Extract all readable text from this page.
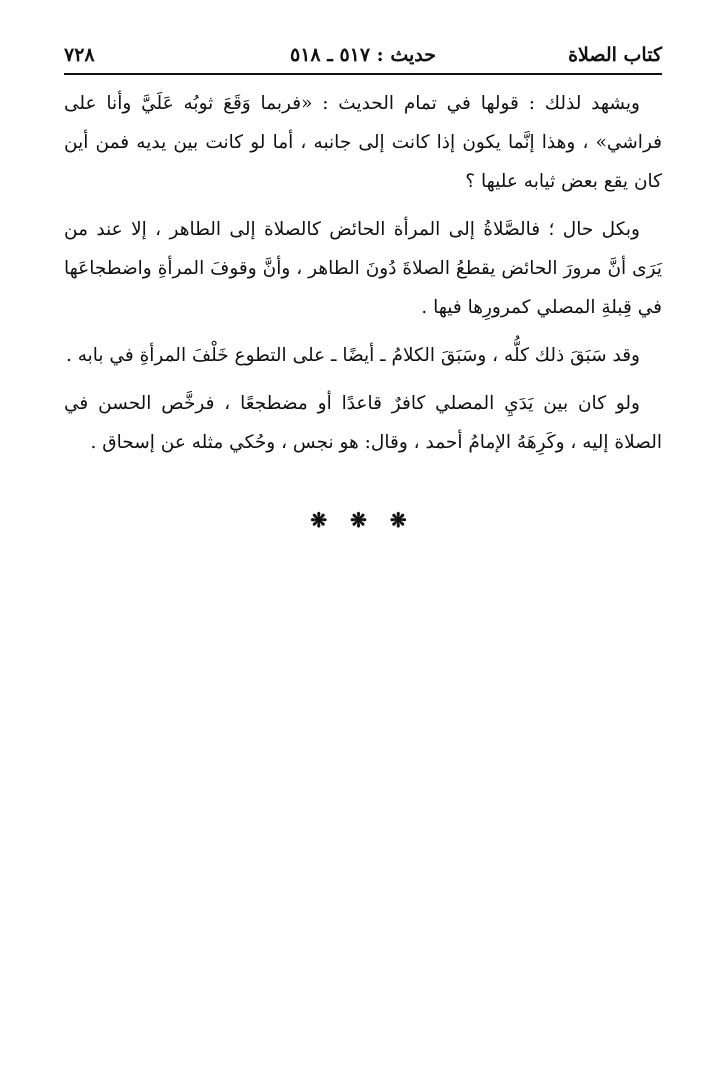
كتاب الصلاة
حديث : ٥١٧ ـ ٥١٨
٧٢٨

ويشهد لذلك : قولها في تمام الحديث : «فربما وَقَعَ ثوبُه عَلَيَّ وأنا على فراشي» ، وهذا إنَّما يكون إذا كانت إلى جانبه ، أما لو كانت بين يديه فمن أين كان يقع بعض ثيابه عليها ؟

وبكل حال ؛ فالصَّلاةُ إلى المرأة الحائض كالصلاة إلى الطاهر ، إلا عند من يَرَى أنَّ مرورَ الحائض يقطعُ الصلاةَ دُونَ الطاهر ، وأنَّ وقوفَ المرأةِ واضطجاعَها في قِبلةِ المصلي كمرورِها فيها .

وقد سَبَقَ ذلك كلُّه ، وسَبَقَ الكلامُ ـ أيضًا ـ على التطوع خَلْفَ المرأةِ في بابه .

ولو كان بين يَدَيِ المصلي كافرٌ قاعدًا أو مضطجعًا ، فرخَّص الحسن في الصلاة إليه ، وكَرِهَهُ الإمامُ أحمد ، وقال: هو نجس ، وحُكي مثله عن إسحاق .

❋ ❋ ❋
